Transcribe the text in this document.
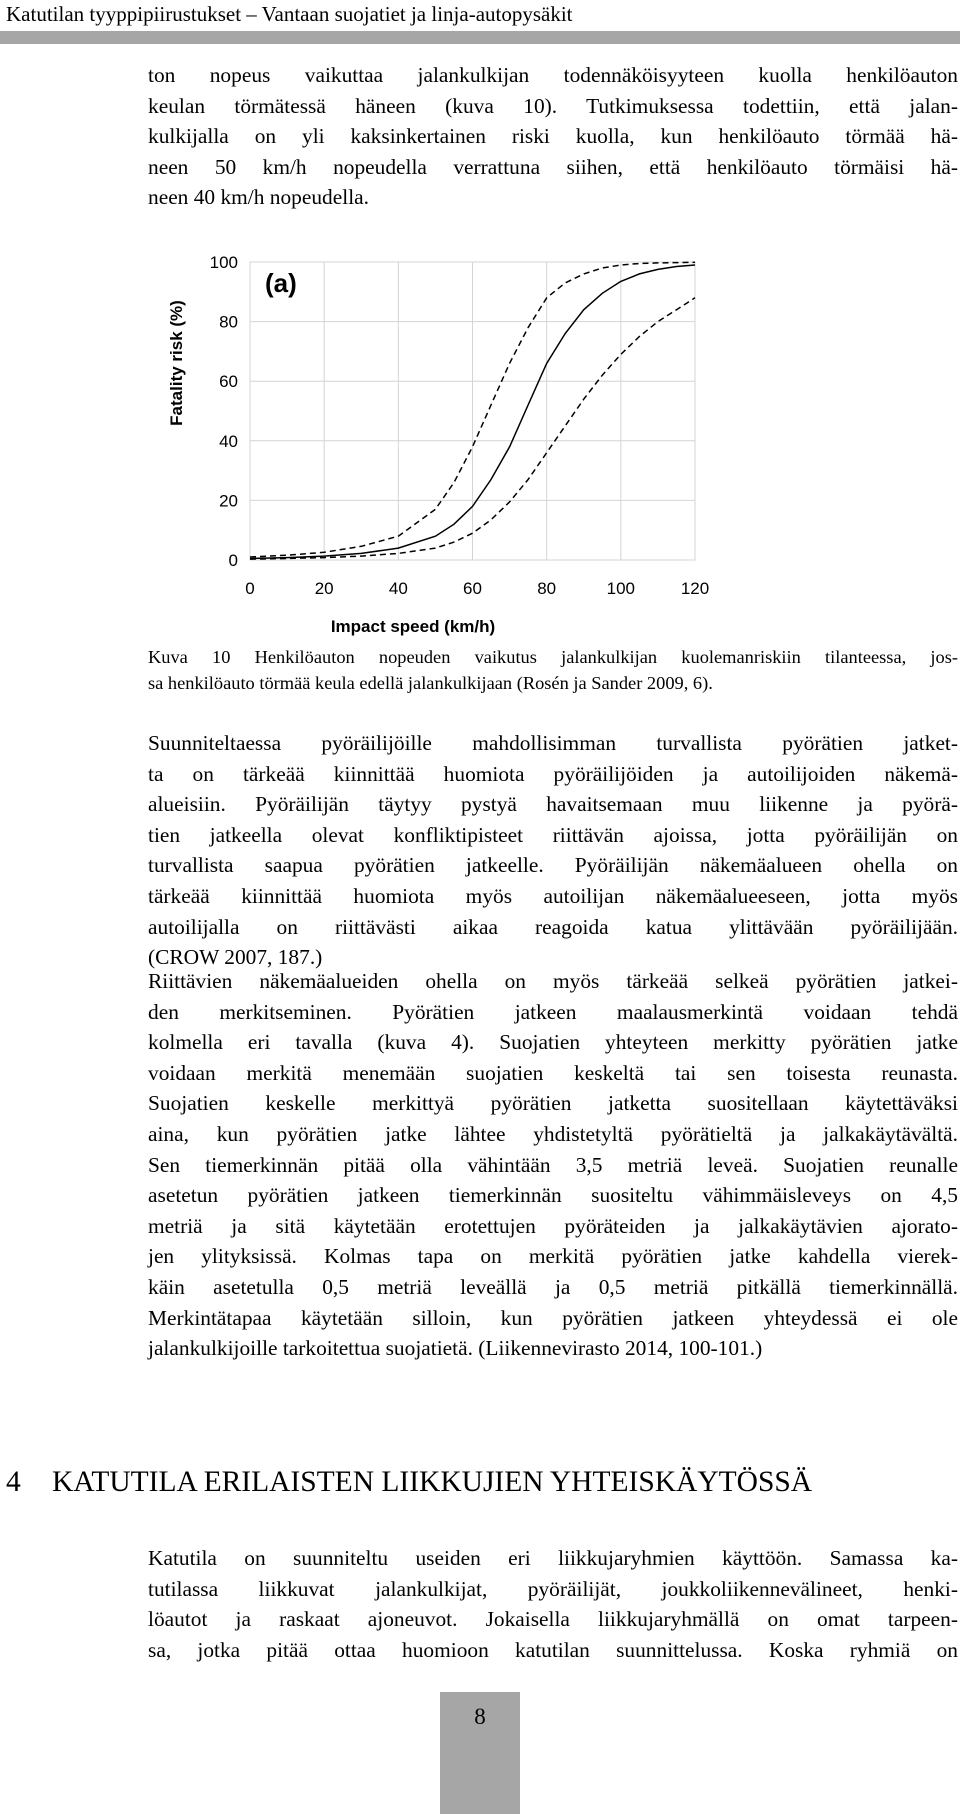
Katutilan tyyppipiirustukset – Vantaan suojatiet ja linja-autopysäkit
ton nopeus vaikuttaa jalankulkijan todennäköisyyteen kuolla henkilöauton
keulan törmätessä häneen (kuva 10). Tutkimuksessa todettiin, että jalan-
kulkijalla on yli kaksinkertainen riski kuolla, kun henkilöauto törmää hä-
neen 50 km/h nopeudella verrattuna siihen, että henkilöauto törmäisi hä-
neen 40 km/h nopeudella.
0	20	40	60	80	100	120
0
20
40
60
80
100
(a)
Impact speed (km/h)
Fatality risk (%)
Kuva 10 Henkilöauton nopeuden vaikutus jalankulkijan kuolemanriskiin tilanteessa, jos-
sa henkilöauto törmää keula edellä jalankulkijaan (Rosén ja Sander 2009, 6).
Suunniteltaessa pyöräilijöille mahdollisimman turvallista pyörätien jatket-
ta on tärkeää kiinnittää huomiota pyöräilijöiden ja autoilijoiden näkemä-
alueisiin. Pyöräilijän täytyy pystyä havaitsemaan muu liikenne ja pyörä-
tien jatkeella olevat konfliktipisteet riittävän ajoissa, jotta pyöräilijän on
turvallista saapua pyörätien jatkeelle. Pyöräilijän näkemäalueen ohella on
tärkeää kiinnittää huomiota myös autoilijan näkemäalueeseen, jotta myös
autoilijalla on riittävästi aikaa reagoida katua ylittävään pyöräilijään.
(CROW 2007, 187.)
Riittävien näkemäalueiden ohella on myös tärkeää selkeä pyörätien jatkei-
den merkitseminen. Pyörätien jatkeen maalausmerkintä voidaan tehdä
kolmella eri tavalla (kuva 4). Suojatien yhteyteen merkitty pyörätien jatke
voidaan merkitä menemään suojatien keskeltä tai sen toisesta reunasta.
Suojatien keskelle merkittyä pyörätien jatketta suositellaan käytettäväksi
aina, kun pyörätien jatke lähtee yhdistetyltä pyörätieltä ja jalkakäytävältä.
Sen tiemerkinnän pitää olla vähintään 3,5 metriä leveä. Suojatien reunalle
asetetun pyörätien jatkeen tiemerkinnän suositeltu vähimmäisleveys on 4,5
metriä ja sitä käytetään erotettujen pyöräteiden ja jalkakäytävien ajorato-
jen ylityksissä. Kolmas tapa on merkitä pyörätien jatke kahdella vierek-
käin asetetulla 0,5 metriä leveällä ja 0,5 metriä pitkällä tiemerkinnällä.
Merkintätapaa käytetään silloin, kun pyörätien jatkeen yhteydessä ei ole
jalankulkijoille tarkoitettua suojatietä. (Liikennevirasto 2014, 100-101.)
4 KATUTILA ERILAISTEN LIIKKUJIEN YHTEISKÄYTÖSSÄ
Katutila on suunniteltu useiden eri liikkujaryhmien käyttöön. Samassa ka-
tutilassa liikkuvat jalankulkijat, pyöräilijät, joukkoliikennevälineet, henki-
löautot ja raskaat ajoneuvot. Jokaisella liikkujaryhmällä on omat tarpeen-
sa, jotka pitää ottaa huomioon katutilan suunnittelussa. Koska ryhmiä on
8
